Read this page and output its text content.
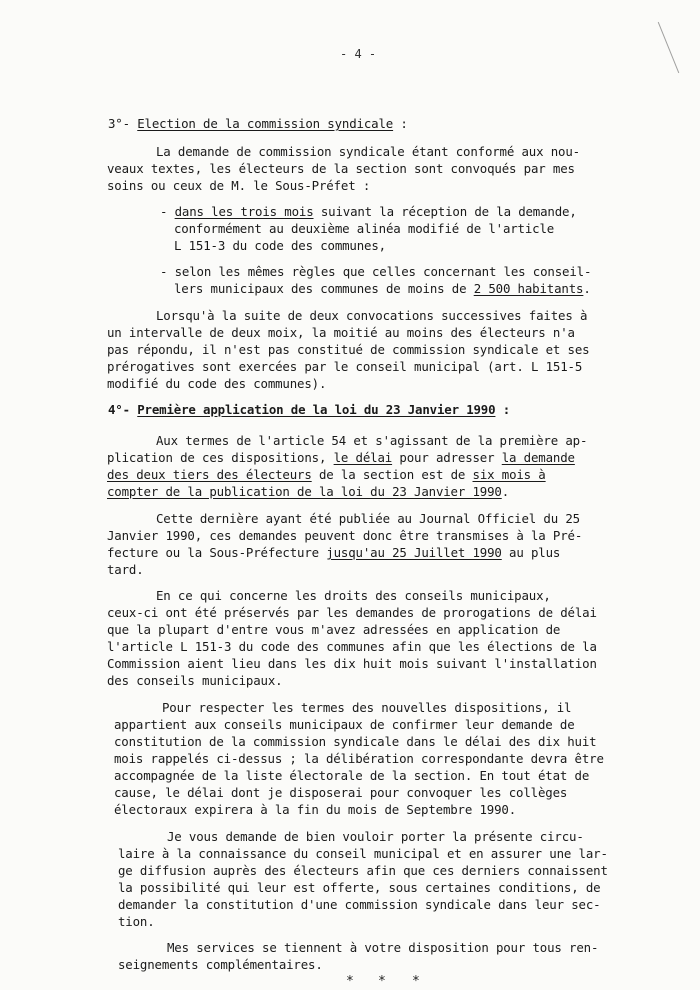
- 4 -
3°- Election de la commission syndicale :
La demande de commission syndicale étant conformé aux nou-
veaux textes, les électeurs de la section sont convoqués par mes
soins ou ceux de M. le Sous-Préfet :
- dans les trois mois suivant la réception de la demande,
conformément au deuxième alinéa modifié de l'article
L 151-3 du code des communes,
- selon les mêmes règles que celles concernant les conseil-
lers municipaux des communes de moins de 2 500 habitants.
Lorsqu'à la suite de deux convocations successives faites à
un intervalle de deux moix, la moitié au moins des électeurs n'a
pas répondu, il n'est pas constitué de commission syndicale et ses
prérogatives sont exercées par le conseil municipal (art. L 151-5
modifié du code des communes).
4°- Première application de la loi du 23 Janvier 1990 :
Aux termes de l'article 54 et s'agissant de la première ap-
plication de ces dispositions, le délai pour adresser la demande
des deux tiers des électeurs de la section est de six mois à
compter de la publication de la loi du 23 Janvier 1990.
Cette dernière ayant été publiée au Journal Officiel du 25
Janvier 1990, ces demandes peuvent donc être transmises à la Pré-
fecture ou la Sous-Préfecture jusqu'au 25 Juillet 1990 au plus
tard.
En ce qui concerne les droits des conseils municipaux,
ceux-ci ont été préservés par les demandes de prorogations de délai
que la plupart d'entre vous m'avez adressées en application de
l'article L 151-3 du code des communes afin que les élections de la
Commission aient lieu dans les dix huit mois suivant l'installation
des conseils municipaux.
Pour respecter les termes des nouvelles dispositions, il
appartient aux conseils municipaux de confirmer leur demande de
constitution de la commission syndicale dans le délai des dix huit
mois rappelés ci-dessus ; la délibération correspondante devra être
accompagnée de la liste électorale de la section. En tout état de
cause, le délai dont je disposerai pour convoquer les collèges
électoraux expirera à la fin du mois de Septembre 1990.
Je vous demande de bien vouloir porter la présente circu-
laire à la connaissance du conseil municipal et en assurer une lar-
ge diffusion auprès des électeurs afin que ces derniers connaissent
la possibilité qui leur est offerte, sous certaines conditions, de
demander la constitution d'une commission syndicale dans leur sec-
tion.
Mes services se tiennent à votre disposition pour tous ren-
seignements complémentaires.
*
*	*
